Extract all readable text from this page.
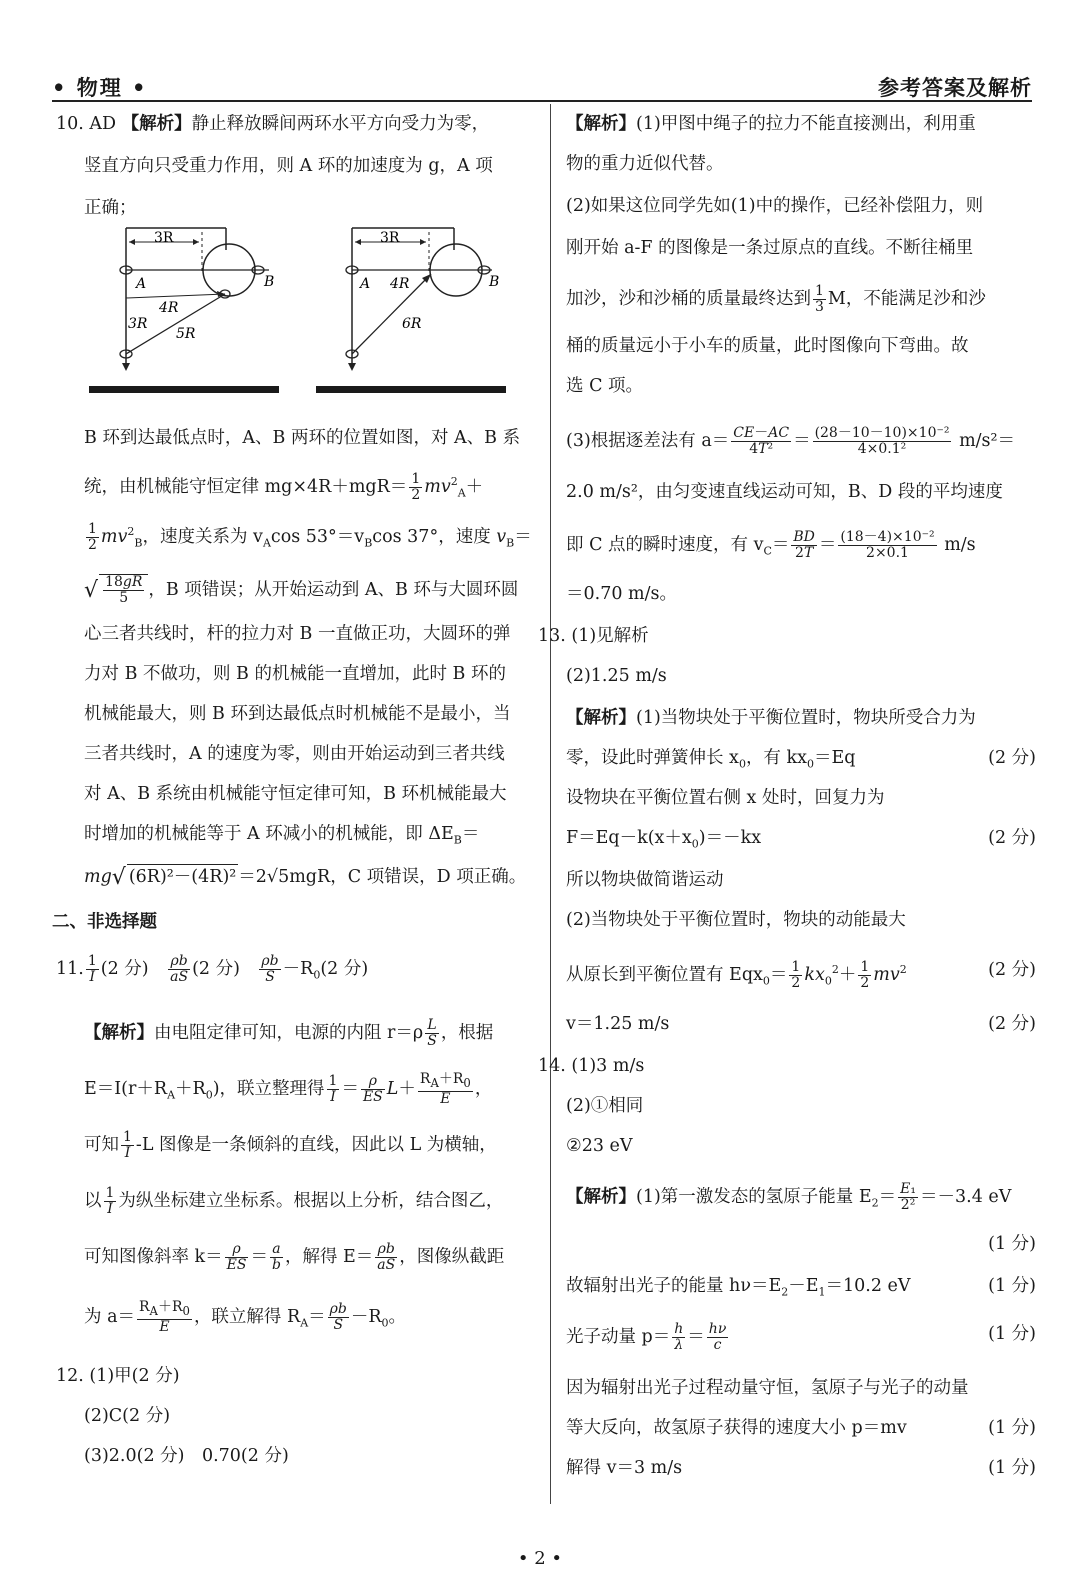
• 物理 •	参考答案及解析
10. AD 【解析】静止释放瞬间两环水平方向受力为零，
竖直方向只受重力作用，则 A 环的加速度为 g，A 项
正确；
3R
A	B
4R
3R
5R
3R
A 4R	B
6R
B 环到达最低点时，A、B 两环的位置如图，对 A、B 系
统，由机械能守恒定律 $mg\times 4R+mgR= \frac{1}{2} mv^2_A+$
$\frac{1}{2} mv^2_B$，速度关系为 $v_A\cos$ $53^\circ=v_B\cos$ 37°，速度 $v_B=$
√ $\frac{18gR}{5}$ ，B 项错误；从开始运动到 A、B 环与大圆环圆
心三者共线时，杆的拉力对 B 一直做正功，大圆环的弹
力对 B 不做功，则 B 的机械能一直增加，此时 B 环的
机械能最大，则 B 环到达最低点时机械能不是最小，当
三者共线时，A 的速度为零，则由开始运动到三者共线
对 A、B 系统由机械能守恒定律可知，B 环机械能最大
时增加的机械能等于 A 环减小的机械能，即 $\Delta E_B=$
mg√ (6R)²－(4R)² ＝2√5mgR，C 项错误，D 项正确。
二、非选择题
11. $\frac{1}{I} (2$ 分)　 $\frac{\rho b}{aS} (2$ 分)　 $\frac{\rho b}{S} -R_0(2$ 分)
【解析】由电阻定律可知，电源的内阻 $r=\rho \frac{L}{S}$ ，根据
$E=I(r+R_A+R_0)$，联立整理得 $\frac{1}{I} = \frac{\rho}{ES} L+ \frac{R_A+R_0}{E}$ ，
可知 $\frac{1}{I} -L$ 图像是一条倾斜的直线，因此以 L 为横轴，
以 $\frac{1}{I}$ 为纵坐标建立坐标系。根据以上分析，结合图乙，
可知图像斜率 $k= \frac{\rho}{ES} = \frac{a}{b}$ ，解得 $E= \frac{\rho b}{aS}$ ，图像纵截距
为 $a= \frac{R_A+R_0}{E}$ ，联立解得 $R_A= \frac{\rho b}{S} -R_0$。
12. (1)甲(2 分)
(2)C(2 分)
(3)2.0(2 分)　0.70(2 分)
【解析】(1)甲图中绳子的拉力不能直接测出，利用重
物的重力近似代替。
(2)如果这位同学先如(1)中的操作，已经补偿阻力，则
刚开始 a-F 的图像是一条过原点的直线。不断往桶里
加沙，沙和沙桶的质量最终达到 $\frac{1}{3}$ M，不能满足沙和沙
桶的质量远小于小车的质量，此时图像向下弯曲。故
选 C 项。
(3)根据逐差法有 $a= \frac{CE-AC}{\text{4T²}} = \frac{\text{(28－10－10)×10⁻²}}{\text{4×0.1²}} m/s^2=$
2.0 m/s²，由匀变速直线运动可知，B、D 段的平均速度
即 C 点的瞬时速度，有 $v_C= \frac{BD}{2T} = \frac{\text{(18－4)×10⁻²}}{2\times 0.1} m/s$
＝0.70 m/s。
13. (1)见解析
(2)1.25 m/s
【解析】(1)当物块处于平衡位置时，物块所受合力为
零，设此时弹簧伸长 $x_0$，有 $kx_0=Eq$	(2 分)
设物块在平衡位置右侧 x 处时，回复力为
$F=Eq-k(x+x_0)=-kx$	(2 分)
所以物块做简谐运动
(2)当物块处于平衡位置时，物块的动能最大
从原长到平衡位置有 $Eqx_0= \frac{1}{2} kx_0^2+ \frac{1}{2} mv^2$	(2 分)
v＝1.25 m/s	(2 分)
14. (1)3 m/s
(2)①相同
②23 eV
【解析】(1)第一激发态的氢原子能量 $E_2= \frac{\text{E₁}}{\text{2²}} =-3.4$ eV
(1 分)
故辐射出光子的能量 $h\nu=E_2-E_1=10.2$ eV	(1 分)
光子动量 $p= \frac{h}{\lambda} = \frac{h\nu}{c}$	(1 分)
因为辐射出光子过程动量守恒，氢原子与光子的动量
等大反向，故氢原子获得的速度大小 p＝mv	(1 分)
解得 v＝3 m/s	(1 分)
• 2 •
